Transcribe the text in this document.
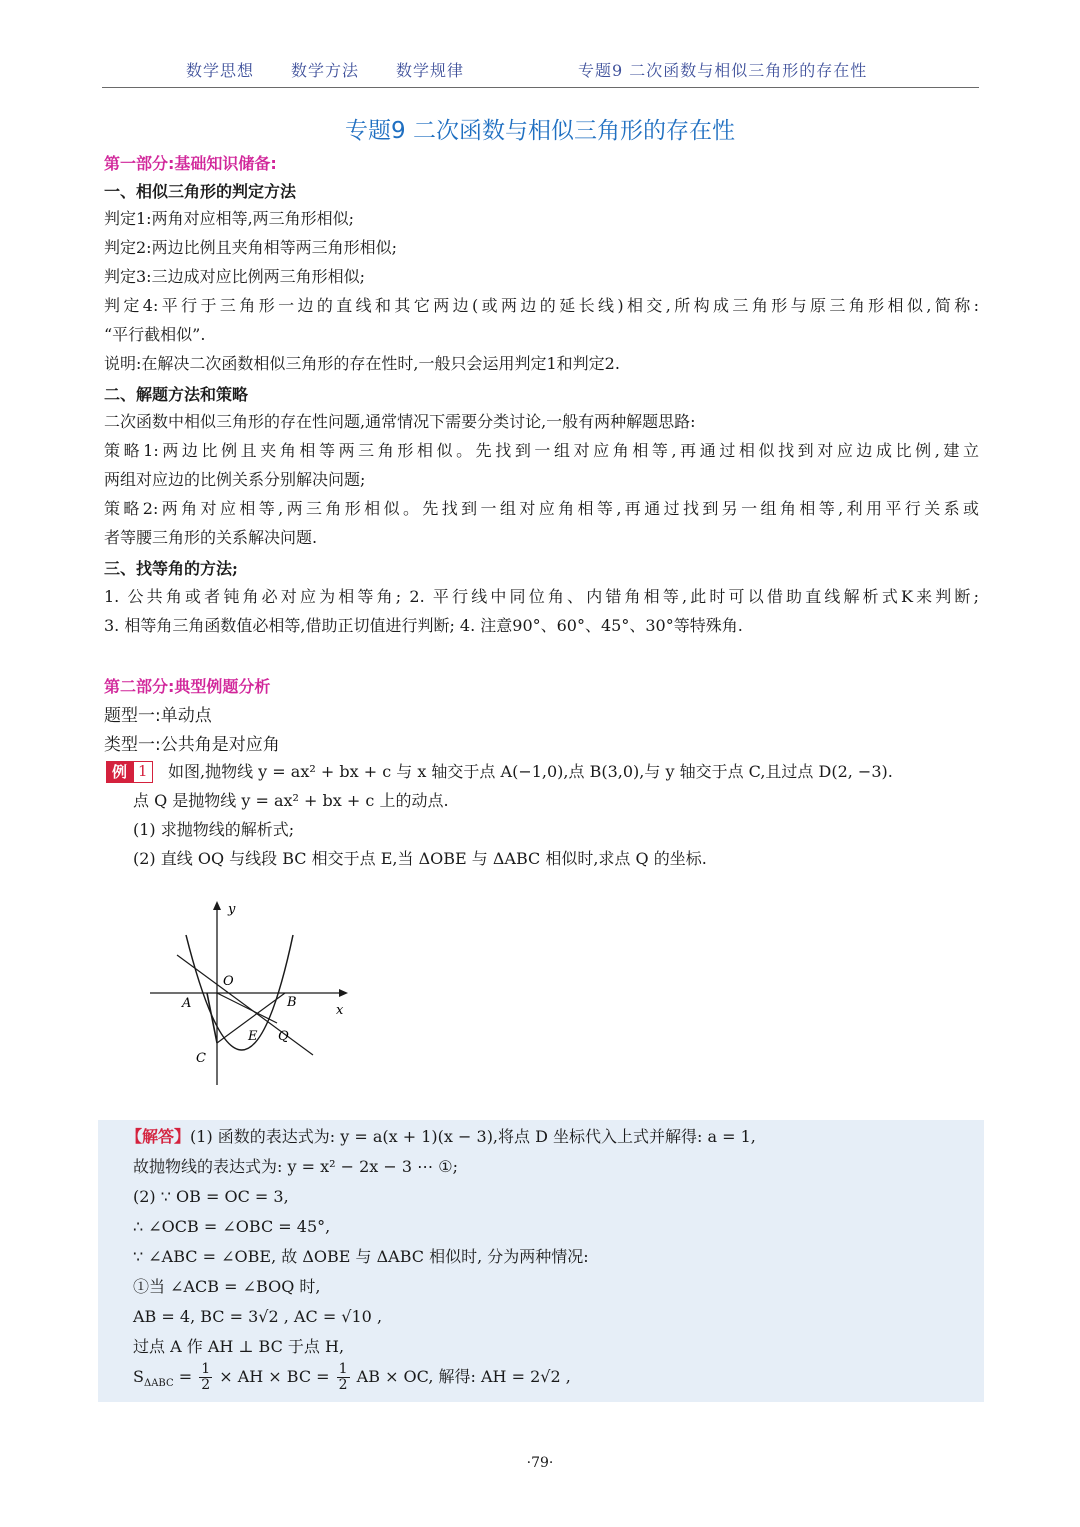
数学思想 数学方法 数学规律	专题9 二次函数与相似三角形的存在性
专题9 二次函数与相似三角形的存在性
第一部分:基础知识储备:
一、相似三角形的判定方法
判定1:两角对应相等,两三角形相似;
判定2:两边比例且夹角相等两三角形相似;
判定3:三边成对应比例两三角形相似;
判定4:平行于三角形一边的直线和其它两边(或两边的延长线)相交,所构成三角形与原三角形相似,简称:
“平行截相似”.
说明:在解决二次函数相似三角形的存在性时,一般只会运用判定1和判定2.
二、解题方法和策略
二次函数中相似三角形的存在性问题,通常情况下需要分类讨论,一般有两种解题思路:
策略1:两边比例且夹角相等两三角形相似。先找到一组对应角相等,再通过相似找到对应边成比例,建立
两组对应边的比例关系分别解决问题;
策略2:两角对应相等,两三角形相似。先找到一组对应角相等,再通过找到另一组角相等,利用平行关系或
者等腰三角形的关系解决问题.
三、找等角的方法;
1. 公共角或者钝角必对应为相等角; 2. 平行线中同位角、内错角相等,此时可以借助直线解析式K来判断;
3. 相等角三角函数值必相等,借助正切值进行判断; 4. 注意90°、60°、45°、30°等特殊角.
第二部分:典型例题分析
题型一:单动点
类型一:公共角是对应角
例 1	如图,抛物线 y = ax² + bx + c 与 x 轴交于点 A(−1,0),点 B(3,0),与 y 轴交于点 C,且过点 D(2, −3).
点 Q 是抛物线 y = ax² + bx + c 上的动点.
(1) 求抛物线的解析式;
(2) 直线 OQ 与线段 BC 相交于点 E,当 ΔOBE 与 ΔABC 相似时,求点 Q 的坐标.
y
x
O
A	B
C
E Q
【解答】(1) 函数的表达式为: y = a(x + 1)(x − 3),将点 D 坐标代入上式并解得: a = 1,
故抛物线的表达式为: y = x² − 2x − 3 ⋯ ①;
(2) ∵ OB = OC = 3,
∴ ∠OCB = ∠OBC = 45°,
∵ ∠ABC = ∠OBE, 故 ΔOBE 与 ΔABC 相似时, 分为两种情况:
①当 ∠ACB = ∠BOQ 时,
AB = 4, BC = 3√2 , AC = √10 ,
过点 A 作 AH ⊥ BC 于点 H,
$S_{\Delta ABC} = \frac{1}{2}$ × AH × BC = $\frac{1}{2}$ AB × OC, 解得: AH = 2√2 ,
·79·
